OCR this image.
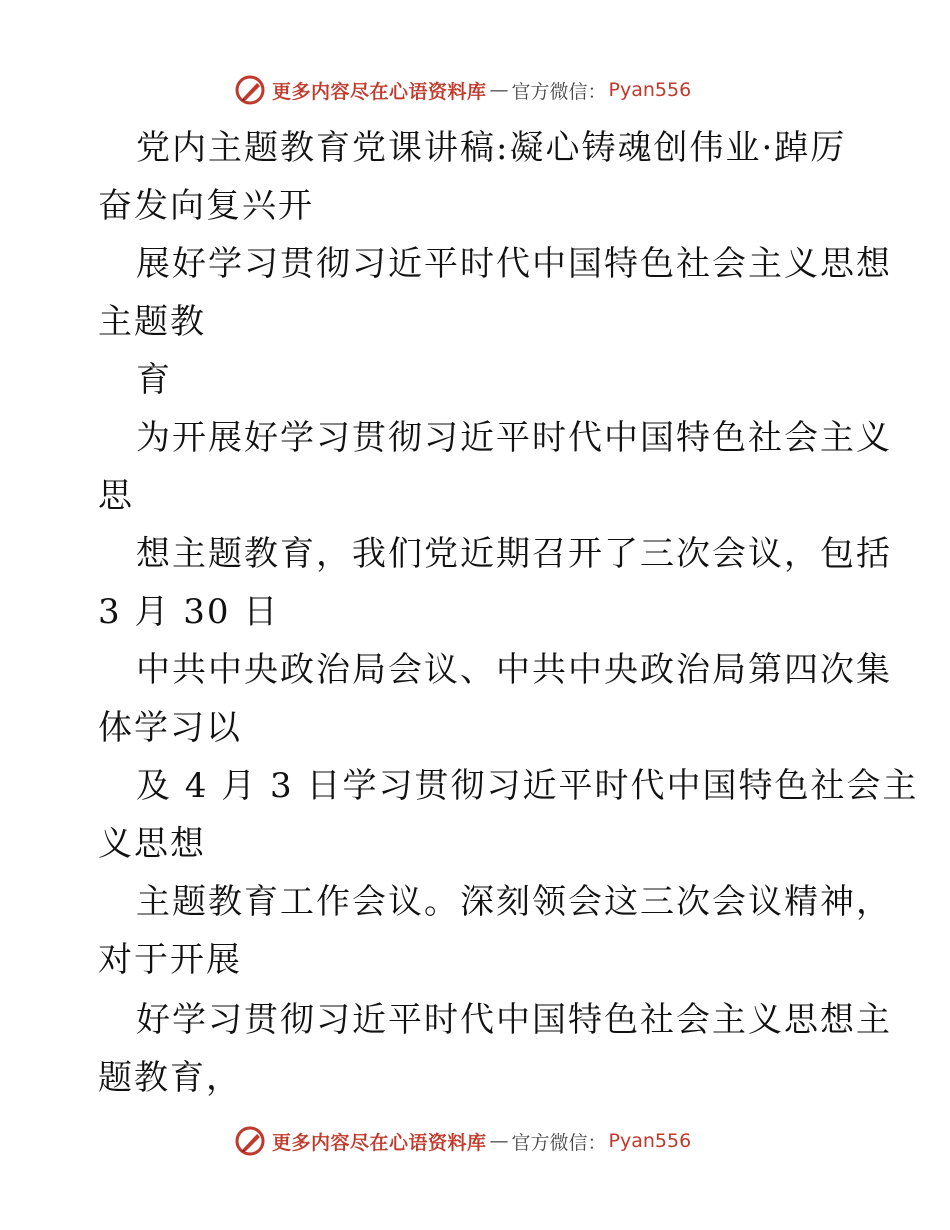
更多内容尽在心语资料库 — 官方微信： Pyan556
党内主题教育党课讲稿:凝心铸魂创伟业·踔厉
奋发向复兴开
展好学习贯彻习近平时代中国特色社会主义思想
主题教
育
为开展好学习贯彻习近平时代中国特色社会主义
思
想主题教育，我们党近期召开了三次会议，包括
3 月 30 日
中共中央政治局会议、中共中央政治局第四次集
体学习以
及 4 月 3 日学习贯彻习近平时代中国特色社会主
义思想
主题教育工作会议。深刻领会这三次会议精神，
对于开展
好学习贯彻习近平时代中国特色社会主义思想主
题教育，
更多内容尽在心语资料库 — 官方微信： Pyan556
